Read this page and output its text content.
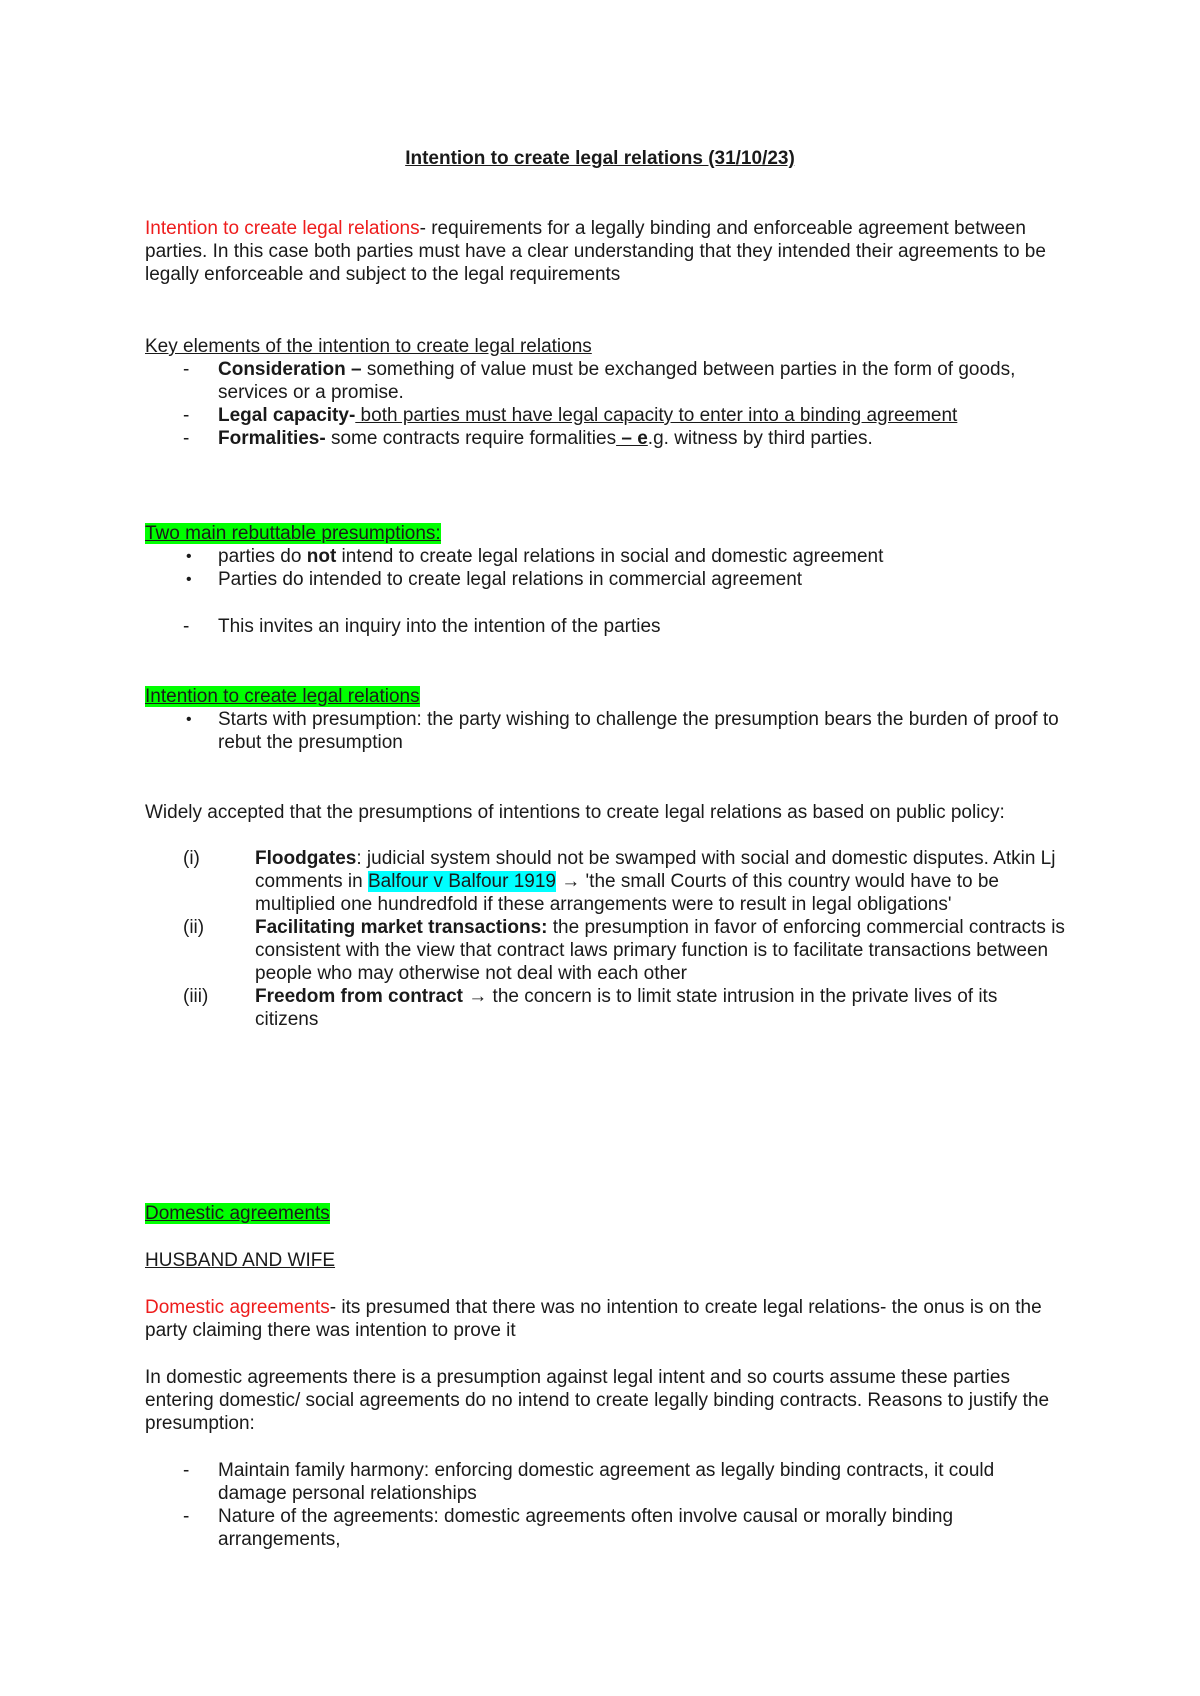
Intention to create legal relations (31/10/23)
Intention to create legal relations- requirements for a legally binding and enforceable agreement between parties. In this case both parties must have a clear understanding that they intended their agreements to be legally enforceable and subject to the legal requirements
Key elements of the intention to create legal relations
- Consideration – something of value must be exchanged between parties in the form of goods, services or a promise.
- Legal capacity- both parties must have legal capacity to enter into a binding agreement
- Formalities- some contracts require formalities – e.g. witness by third parties.
Two main rebuttable presumptions:
• parties do not intend to create legal relations in social and domestic agreement
• Parties do intended to create legal relations in commercial agreement
- This invites an inquiry into the intention of the parties
Intention to create legal relations
• Starts with presumption: the party wishing to challenge the presumption bears the burden of proof to rebut the presumption
Widely accepted that the presumptions of intentions to create legal relations as based on public policy:
(i)	Floodgates: judicial system should not be swamped with social and domestic disputes. Atkin Lj comments in Balfour v Balfour 1919 → 'the small Courts of this country would have to be multiplied one hundredfold if these arrangements were to result in legal obligations'
(ii)	Facilitating market transactions: the presumption in favor of enforcing commercial contracts is consistent with the view that contract laws primary function is to facilitate transactions between people who may otherwise not deal with each other
(iii) Freedom from contract → the concern is to limit state intrusion in the private lives of its citizens
Domestic agreements
HUSBAND AND WIFE
Domestic agreements- its presumed that there was no intention to create legal relations- the onus is on the party claiming there was intention to prove it
In domestic agreements there is a presumption against legal intent and so courts assume these parties entering domestic/ social agreements do no intend to create legally binding contracts. Reasons to justify the presumption:
- Maintain family harmony: enforcing domestic agreement as legally binding contracts, it could damage personal relationships
- Nature of the agreements: domestic agreements often involve causal or morally binding arrangements,
